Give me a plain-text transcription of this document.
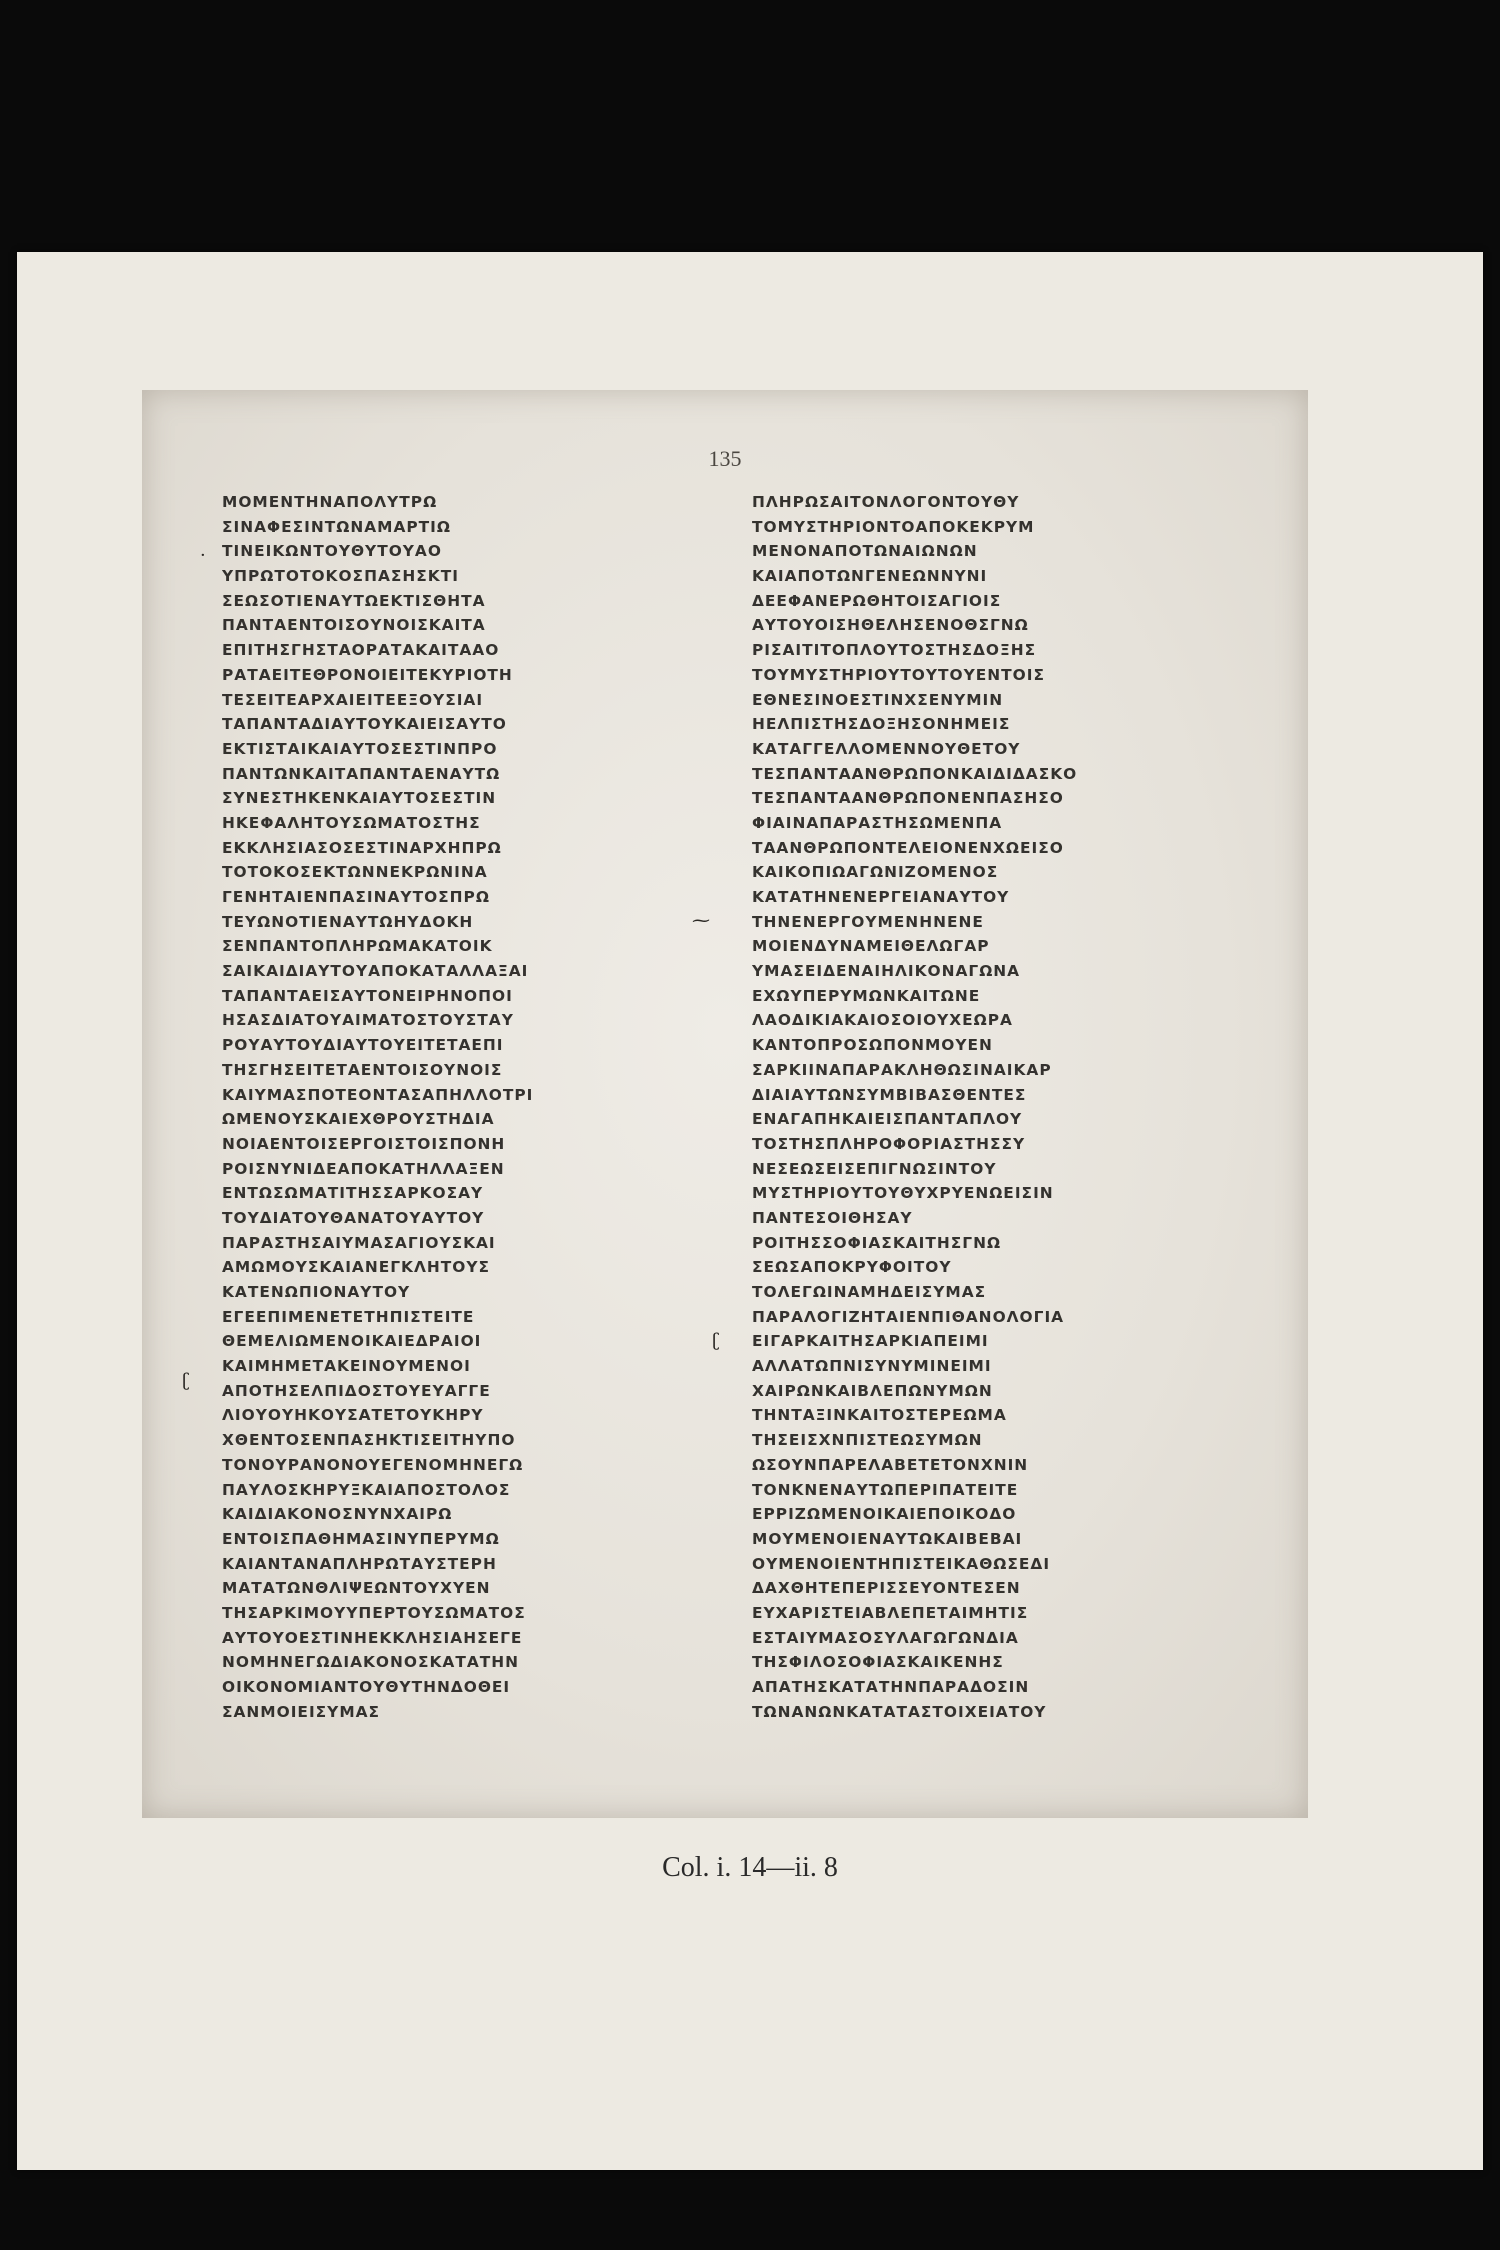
135
ΜΟΜΕΝΤΗΝΑΠΟΛΥΤΡΩ
ΣΙΝΑΦΕΣΙΝΤΩΝΑΜΑΡΤΙΩ
ΤΙΝΕΙΚΩΝΤΟΥΘΥΤΟΥΑΟ
ΥΠΡΩΤΟΤΟΚΟΣΠΑΣΗΣΚΤΙ
ΣΕΩΣΟΤΙΕΝΑΥΤΩΕΚΤΙΣΘΗΤΑ
ΠΑΝΤΑΕΝΤΟΙΣΟΥΝΟΙΣΚΑΙΤΑ
ΕΠΙΤΗΣΓΗΣΤΑΟΡΑΤΑΚΑΙΤΑΑΟ
ΡΑΤΑΕΙΤΕΘΡΟΝΟΙΕΙΤΕΚΥΡΙΟΤΗ
ΤΕΣΕΙΤΕΑΡΧΑΙΕΙΤΕΕΞΟΥΣΙΑΙ
ΤΑΠΑΝΤΑΔΙΑΥΤΟΥΚΑΙΕΙΣΑΥΤΟ
ΕΚΤΙΣΤΑΙΚΑΙΑΥΤΟΣΕΣΤΙΝΠΡΟ
ΠΑΝΤΩΝΚΑΙΤΑΠΑΝΤΑΕΝΑΥΤΩ
ΣΥΝΕΣΤΗΚΕΝΚΑΙΑΥΤΟΣΕΣΤΙΝ
ΗΚΕΦΑΛΗΤΟΥΣΩΜΑΤΟΣΤΗΣ
ΕΚΚΛΗΣΙΑΣΟΣΕΣΤΙΝΑΡΧΗΠΡΩ
ΤΟΤΟΚΟΣΕΚΤΩΝΝΕΚΡΩΝΙΝΑ
ΓΕΝΗΤΑΙΕΝΠΑΣΙΝΑΥΤΟΣΠΡΩ
ΤΕΥΩΝΟΤΙΕΝΑΥΤΩΗΥΔΟΚΗ
ΣΕΝΠΑΝΤΟΠΛΗΡΩΜΑΚΑΤΟΙΚ
ΣΑΙΚΑΙΔΙΑΥΤΟΥΑΠΟΚΑΤΑΛΛΑΞΑΙ
ΤΑΠΑΝΤΑΕΙΣΑΥΤΟΝΕΙΡΗΝΟΠΟΙ
ΗΣΑΣΔΙΑΤΟΥΑΙΜΑΤΟΣΤΟΥΣΤΑΥ
ΡΟΥΑΥΤΟΥΔΙΑΥΤΟΥΕΙΤΕΤΑΕΠΙ
ΤΗΣΓΗΣΕΙΤΕΤΑΕΝΤΟΙΣΟΥΝΟΙΣ
ΚΑΙΥΜΑΣΠΟΤΕΟΝΤΑΣΑΠΗΛΛΟΤΡΙ
ΩΜΕΝΟΥΣΚΑΙΕΧΘΡΟΥΣΤΗΔΙΑ
ΝΟΙΑΕΝΤΟΙΣΕΡΓΟΙΣΤΟΙΣΠΟΝΗ
ΡΟΙΣΝΥΝΙΔΕΑΠΟΚΑΤΗΛΛΑΞΕΝ
ΕΝΤΩΣΩΜΑΤΙΤΗΣΣΑΡΚΟΣΑΥ
ΤΟΥΔΙΑΤΟΥΘΑΝΑΤΟΥΑΥΤΟΥ
ΠΑΡΑΣΤΗΣΑΙΥΜΑΣΑΓΙΟΥΣΚΑΙ
ΑΜΩΜΟΥΣΚΑΙΑΝΕΓΚΛΗΤΟΥΣ
ΚΑΤΕΝΩΠΙΟΝΑΥΤΟΥ
ΕΓΕΕΠΙΜΕΝΕΤΕΤΗΠΙΣΤΕΙΤΕ
ΘΕΜΕΛΙΩΜΕΝΟΙΚΑΙΕΔΡΑΙΟΙ
ΚΑΙΜΗΜΕΤΑΚΕΙΝΟΥΜΕΝΟΙ
ΑΠΟΤΗΣΕΛΠΙΔΟΣΤΟΥΕΥΑΓΓΕ
ΛΙΟΥΟΥΗΚΟΥΣΑΤΕΤΟΥΚΗΡΥ
ΧΘΕΝΤΟΣΕΝΠΑΣΗΚΤΙΣΕΙΤΗΥΠΟ
ΤΟΝΟΥΡΑΝΟΝΟΥΕΓΕΝΟΜΗΝΕΓΩ
ΠΑΥΛΟΣΚΗΡΥΞΚΑΙΑΠΟΣΤΟΛΟΣ
ΚΑΙΔΙΑΚΟΝΟΣΝΥΝΧΑΙΡΩ
ΕΝΤΟΙΣΠΑΘΗΜΑΣΙΝΥΠΕΡΥΜΩ
ΚΑΙΑΝΤΑΝΑΠΛΗΡΩΤΑΥΣΤΕΡΗ
ΜΑΤΑΤΩΝΘΛΙΨΕΩΝΤΟΥΧΥΕΝ
ΤΗΣΑΡΚΙΜΟΥΥΠΕΡΤΟΥΣΩΜΑΤΟΣ
ΑΥΤΟΥΟΕΣΤΙΝΗΕΚΚΛΗΣΙΑΗΣΕΓΕ
ΝΟΜΗΝΕΓΩΔΙΑΚΟΝΟΣΚΑΤΑΤΗΝ
ΟΙΚΟΝΟΜΙΑΝΤΟΥΘΥΤΗΝΔΟΘΕΙ
ΣΑΝΜΟΙΕΙΣΥΜΑΣ
ΠΛΗΡΩΣΑΙΤΟΝΛΟΓΟΝΤΟΥΘΥ
ΤΟΜΥΣΤΗΡΙΟΝΤΟΑΠΟΚΕΚΡΥΜ
ΜΕΝΟΝΑΠΟΤΩΝΑΙΩΝΩΝ
ΚΑΙΑΠΟΤΩΝΓΕΝΕΩΝΝΥΝΙ
ΔΕΕΦΑΝΕΡΩΘΗΤΟΙΣΑΓΙΟΙΣ
ΑΥΤΟΥΟΙΣΗΘΕΛΗΣΕΝΟΘΣΓΝΩ
ΡΙΣΑΙΤΙΤΟΠΛΟΥΤΟΣΤΗΣΔΟΞΗΣ
ΤΟΥΜΥΣΤΗΡΙΟΥΤΟΥΤΟΥΕΝΤΟΙΣ
ΕΘΝΕΣΙΝΟΕΣΤΙΝΧΣΕΝΥΜΙΝ
ΗΕΛΠΙΣΤΗΣΔΟΞΗΣΟΝΗΜΕΙΣ
ΚΑΤΑΓΓΕΛΛΟΜΕΝΝΟΥΘΕΤΟΥ
ΤΕΣΠΑΝΤΑΑΝΘΡΩΠΟΝΚΑΙΔΙΔΑΣΚΟ
ΤΕΣΠΑΝΤΑΑΝΘΡΩΠΟΝΕΝΠΑΣΗΣΟ
ΦΙΑΙΝΑΠΑΡΑΣΤΗΣΩΜΕΝΠΑ
ΤΑΑΝΘΡΩΠΟΝΤΕΛΕΙΟΝΕΝΧΩΕΙΣΟ
ΚΑΙΚΟΠΙΩΑΓΩΝΙΖΟΜΕΝΟΣ
ΚΑΤΑΤΗΝΕΝΕΡΓΕΙΑΝΑΥΤΟΥ
ΤΗΝΕΝΕΡΓΟΥΜΕΝΗΝΕΝΕ
ΜΟΙΕΝΔΥΝΑΜΕΙΘΕΛΩΓΑΡ
ΥΜΑΣΕΙΔΕΝΑΙΗΛΙΚΟΝΑΓΩΝΑ
ΕΧΩΥΠΕΡΥΜΩΝΚΑΙΤΩΝΕ
ΛΑΟΔΙΚΙΑΚΑΙΟΣΟΙΟΥΧΕΩΡΑ
ΚΑΝΤΟΠΡΟΣΩΠΟΝΜΟΥΕΝ
ΣΑΡΚΙΙΝΑΠΑΡΑΚΛΗΘΩΣΙΝΑΙΚΑΡ
ΔΙΑΙΑΥΤΩΝΣΥΜΒΙΒΑΣΘΕΝΤΕΣ
ΕΝΑΓΑΠΗΚΑΙΕΙΣΠΑΝΤΑΠΛΟΥ
ΤΟΣΤΗΣΠΛΗΡΟΦΟΡΙΑΣΤΗΣΣΥ
ΝΕΣΕΩΣΕΙΣΕΠΙΓΝΩΣΙΝΤΟΥ
ΜΥΣΤΗΡΙΟΥΤΟΥΘΥΧΡΥΕΝΩΕΙΣΙΝ
ΠΑΝΤΕΣΟΙΘΗΣΑΥ
ΡΟΙΤΗΣΣΟΦΙΑΣΚΑΙΤΗΣΓΝΩ
ΣΕΩΣΑΠΟΚΡΥΦΟΙΤΟΥ
ΤΟΛΕΓΩΙΝΑΜΗΔΕΙΣΥΜΑΣ
ΠΑΡΑΛΟΓΙΖΗΤΑΙΕΝΠΙΘΑΝΟΛΟΓΙΑ
ΕΙΓΑΡΚΑΙΤΗΣΑΡΚΙΑΠΕΙΜΙ
ΑΛΛΑΤΩΠΝΙΣΥΝΥΜΙΝΕΙΜΙ
ΧΑΙΡΩΝΚΑΙΒΛΕΠΩΝΥΜΩΝ
ΤΗΝΤΑΞΙΝΚΑΙΤΟΣΤΕΡΕΩΜΑ
ΤΗΣΕΙΣΧΝΠΙΣΤΕΩΣΥΜΩΝ
ΩΣΟΥΝΠΑΡΕΛΑΒΕΤΕΤΟΝΧΝΙΝ
ΤΟΝΚΝΕΝΑΥΤΩΠΕΡΙΠΑΤΕΙΤΕ
ΕΡΡΙΖΩΜΕΝΟΙΚΑΙΕΠΟΙΚΟΔΟ
ΜΟΥΜΕΝΟΙΕΝΑΥΤΩΚΑΙΒΕΒΑΙ
ΟΥΜΕΝΟΙΕΝΤΗΠΙΣΤΕΙΚΑΘΩΣΕΔΙ
ΔΑΧΘΗΤΕΠΕΡΙΣΣΕΥΟΝΤΕΣΕΝ
ΕΥΧΑΡΙΣΤΕΙΑΒΛΕΠΕΤΑΙΜΗΤΙΣ
ΕΣΤΑΙΥΜΑΣΟΣΥΛΑΓΩΓΩΝΔΙΑ
ΤΗΣΦΙΛΟΣΟΦΙΑΣΚΑΙΚΕΝΗΣ
ΑΠΑΤΗΣΚΑΤΑΤΗΝΠΑΡΑΔΟΣΙΝ
ΤΩΝΑΝΩΝΚΑΤΑΤΑΣΤΟΙΧΕΙΑΤΟΥ
·
ʗ
⁓
ʗ
Col. i. 14—ii. 8
